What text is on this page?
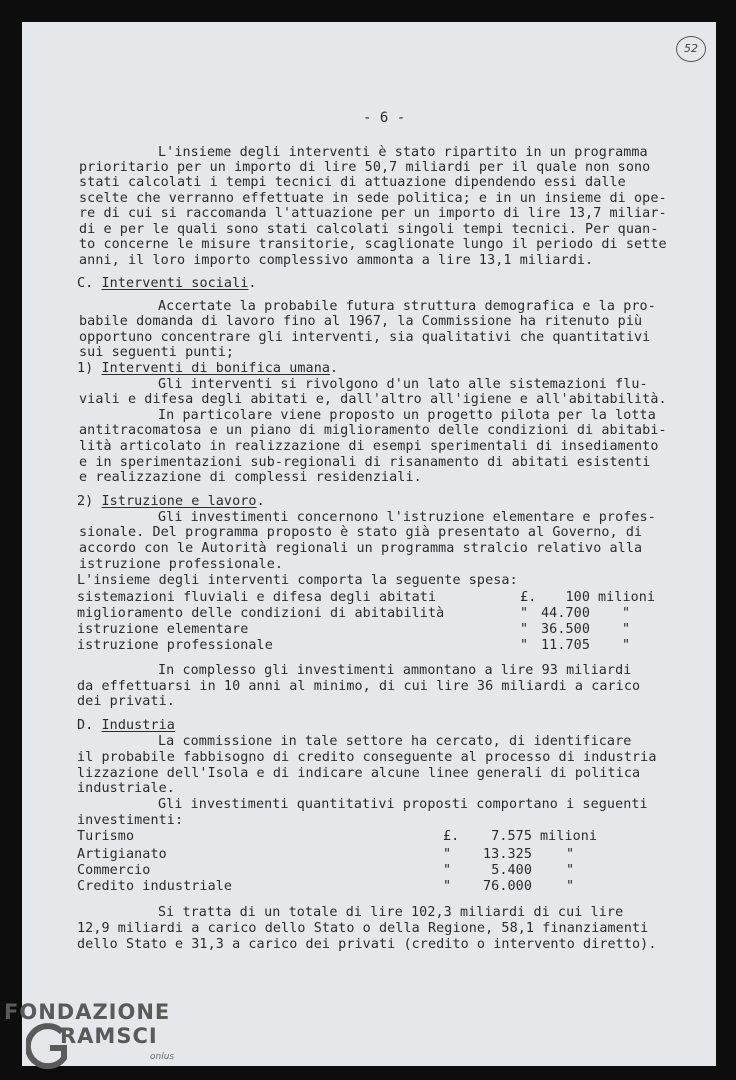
52
- 6 -
L'insieme degli interventi è stato ripartito in un programma
prioritario per un importo di lire 50,7 miliardi per il quale non sono
stati calcolati i tempi tecnici di attuazione dipendendo essi dalle
scelte che verranno effettuate in sede politica; e in un insieme di ope-
re di cui si raccomanda l'attuazione per un importo di lire 13,7 miliar-
di e per le quali sono stati calcolati singoli tempi tecnici. Per quan-
to concerne le misure transitorie, scaglionate lungo il periodo di sette
anni, il loro importo complessivo ammonta a lire 13,1 miliardi.
C. Interventi sociali.
Accertate la probabile futura struttura demografica e la pro-
babile domanda di lavoro fino al 1967, la Commissione ha ritenuto più
opportuno concentrare gli interventi, sia qualitativi che quantitativi
sui seguenti punti;
1) Interventi di bonifica umana.
Gli interventi si rivolgono d'un lato alle sistemazioni flu-
viali e difesa degli abitati e, dall'altro all'igiene e all'abitabilità.
In particolare viene proposto un progetto pilota per la lotta
antitracomatosa e un piano di miglioramento delle condizioni di abitabi-
lità articolato in realizzazione di esempi sperimentali di insediamento
e in sperimentazioni sub-regionali di risanamento di abitati esistenti
e realizzazione di complessi residenziali.
2) Istruzione e lavoro.
Gli investimenti concernono l'istruzione elementare e profes-
sionale. Del programma proposto è stato già presentato al Governo, di
accordo con le Autorità regionali un programma stralcio relativo alla
istruzione professionale.
L'insieme degli interventi comporta la seguente spesa:
sistemazioni fluviali e difesa degli abitati	£.	100 milioni
miglioramento delle condizioni di abitabilità	" 44.700 "
istruzione elementare	" 36.500 "
istruzione professionale	" 11.705 "
In complesso gli investimenti ammontano a lire 93 miliardi
da effettuarsi in 10 anni al minimo, di cui lire 36 miliardi a carico
dei privati.
D. Industria
La commissione in tale settore ha cercato, di identificare
il probabile fabbisogno di credito conseguente al processo di industria
lizzazione dell'Isola e di indicare alcune linee generali di politica
industriale.
Gli investimenti quantitativi proposti comportano i seguenti
investimenti:
Turismo	£.	7.575 milioni
Artigianato	"	13.325	"
Commercio	"	5.400	"
Credito industriale	"	76.000	"
Si tratta di un totale di lire 102,3 miliardi di cui lire
12,9 miliardi a carico dello Stato o della Regione, 58,1 finanziamenti
dello Stato e 31,3 a carico dei privati (credito o intervento diretto).
FONDAZIONE
RAMSCI
onlus
